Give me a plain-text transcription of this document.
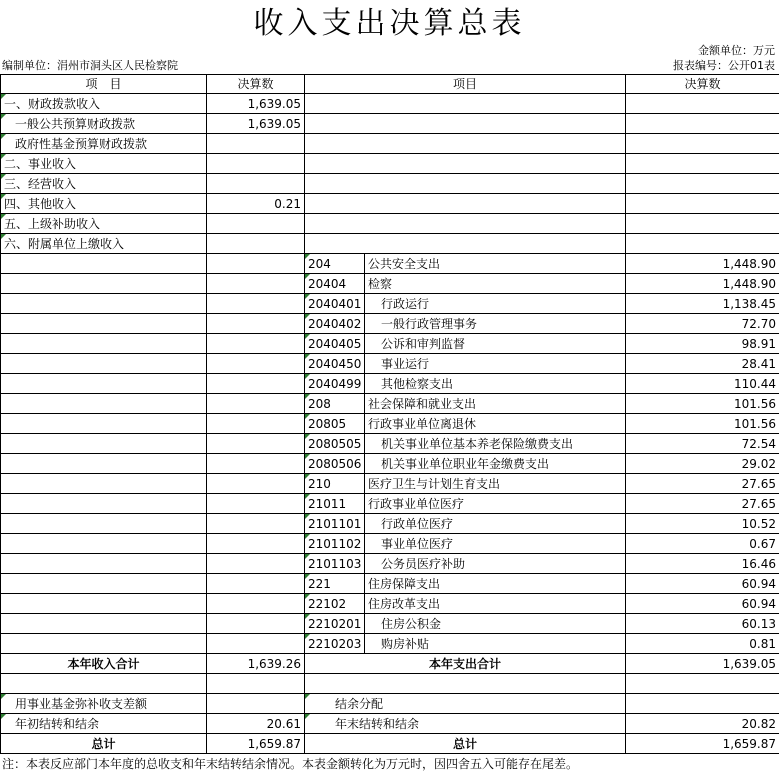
收入支出决算总表
金额单位：万元
编制单位：涓州市洞头区人民检察院	报表编号：公开01表
项　目	决算数	项目		决算数
一、财政拨款收入	1,639.05			
一般公共预算财政拨款	1,639.05			
政府性基金预算财政拨款				
二、事业收入				
三、经营收入				
四、其他收入	0.21			
五、上级补助收入				
六、附属单位上缴收入				
		204	公共安全支出	1,448.90
		20404	检察	1,448.90
		2040401	行政运行	1,138.45
		2040402	一般行政管理事务	72.70
		2040405	公诉和审判监督	98.91
		2040450	事业运行	28.41
		2040499	其他检察支出	110.44
		208	社会保障和就业支出	101.56
		20805	行政事业单位离退休	101.56
		2080505	机关事业单位基本养老保险缴费支出	72.54
		2080506	机关事业单位职业年金缴费支出	29.02
		210	医疗卫生与计划生育支出	27.65
		21011	行政事业单位医疗	27.65
		2101101	行政单位医疗	10.52
		2101102	事业单位医疗	0.67
		2101103	公务员医疗补助	16.46
		221	住房保障支出	60.94
		22102	住房改革支出	60.94
		2210201	住房公积金	60.13
		2210203	购房补贴	0.81
本年收入合计	1,639.26	本年支出合计		1,639.05

用事业基金弥补收支差额		结余分配		
年初结转和结余	20.61	年末结转和结余		20.82
总计	1,659.87	总计		1,659.87
注：本表反应部门本年度的总收支和年末结转结余情况。本表金额转化为万元时，因四舍五入可能存在尾差。
